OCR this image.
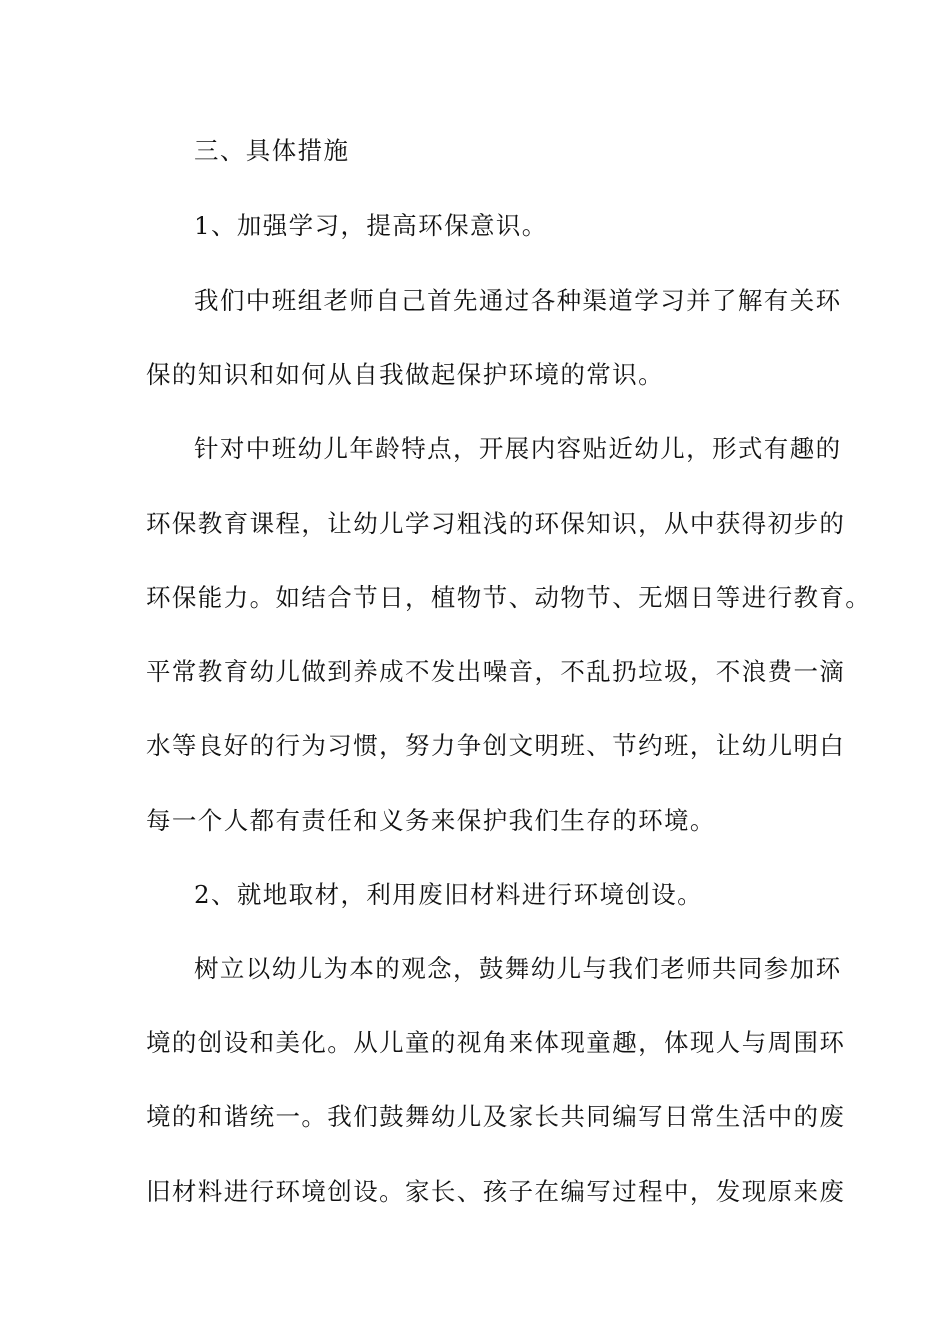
三、具体措施
1、加强学习，提高环保意识。
我们中班组老师自己首先通过各种渠道学习并了解有关环
保的知识和如何从自我做起保护环境的常识。
针对中班幼儿年龄特点，开展内容贴近幼儿，形式有趣的
环保教育课程，让幼儿学习粗浅的环保知识，从中获得初步的
环保能力。如结合节日，植物节、动物节、无烟日等进行教育。
平常教育幼儿做到养成不发出噪音，不乱扔垃圾，不浪费一滴
水等良好的行为习惯，努力争创文明班、节约班，让幼儿明白
每一个人都有责任和义务来保护我们生存的环境。
2、就地取材，利用废旧材料进行环境创设。
树立以幼儿为本的观念，鼓舞幼儿与我们老师共同参加环
境的创设和美化。从儿童的视角来体现童趣，体现人与周围环
境的和谐统一。我们鼓舞幼儿及家长共同编写日常生活中的废
旧材料进行环境创设。家长、孩子在编写过程中，发现原来废
